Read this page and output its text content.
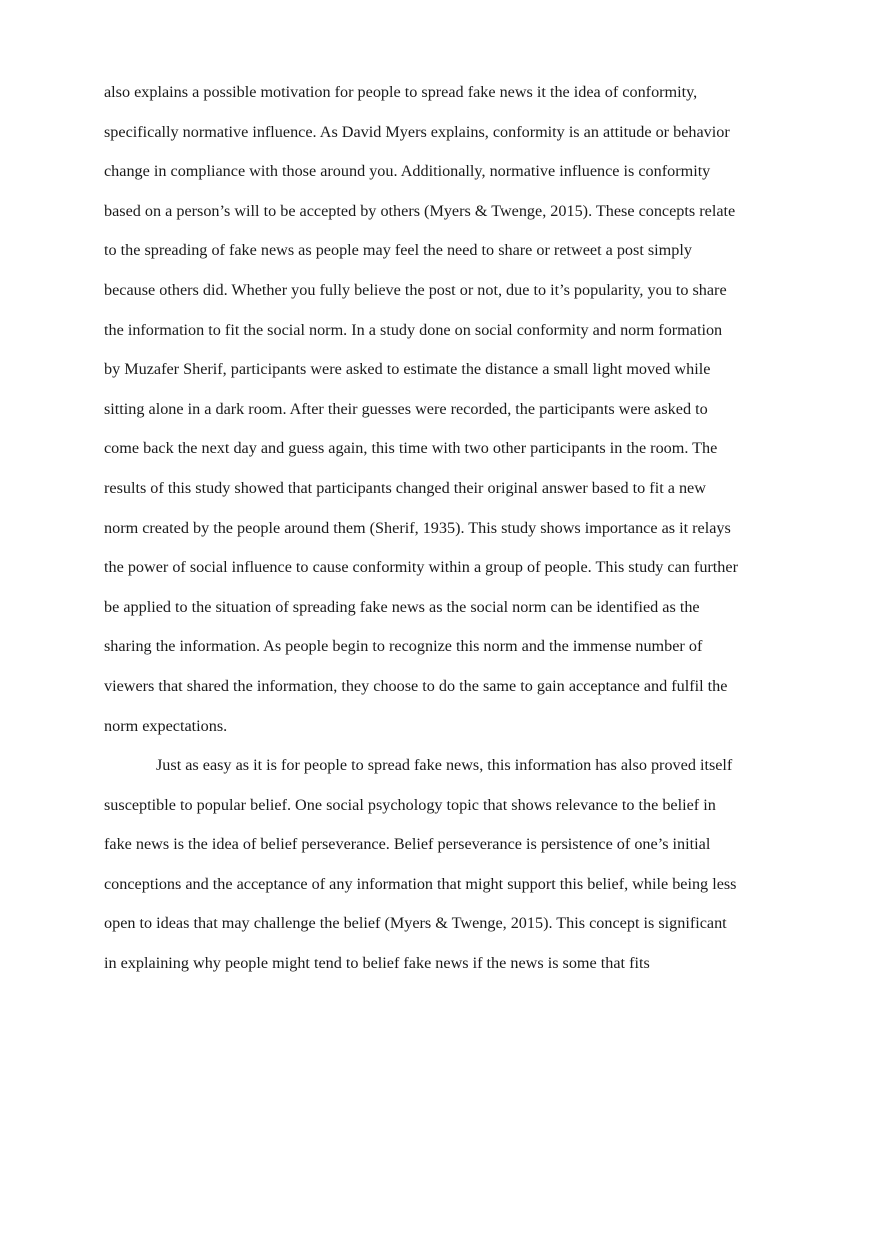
also explains a possible motivation for people to spread fake news it the idea of conformity,
specifically normative influence. As David Myers explains, conformity is an attitude or behavior
change in compliance with those around you. Additionally, normative influence is conformity
based on a person’s will to be accepted by others (Myers & Twenge, 2015). These concepts relate
to the spreading of fake news as people may feel the need to share or retweet a post simply
because others did. Whether you fully believe the post or not, due to it’s popularity, you to share
the information to fit the social norm. In a study done on social conformity and norm formation
by Muzafer Sherif, participants were asked to estimate the distance a small light moved while
sitting alone in a dark room. After their guesses were recorded, the participants were asked to
come back the next day and guess again, this time with two other participants in the room. The
results of this study showed that participants changed their original answer based to fit a new
norm created by the people around them (Sherif, 1935). This study shows importance as it relays
the power of social influence to cause conformity within a group of people. This study can further
be applied to the situation of spreading fake news as the social norm can be identified as the
sharing the information. As people begin to recognize this norm and the immense number of
viewers that shared the information, they choose to do the same to gain acceptance and fulfil the
norm expectations.
Just as easy as it is for people to spread fake news, this information has also proved itself
susceptible to popular belief. One social psychology topic that shows relevance to the belief in
fake news is the idea of belief perseverance. Belief perseverance is persistence of one’s initial
conceptions and the acceptance of any information that might support this belief, while being less
open to ideas that may challenge the belief (Myers & Twenge, 2015). This concept is significant
in explaining why people might tend to belief fake news if the news is some that fits
